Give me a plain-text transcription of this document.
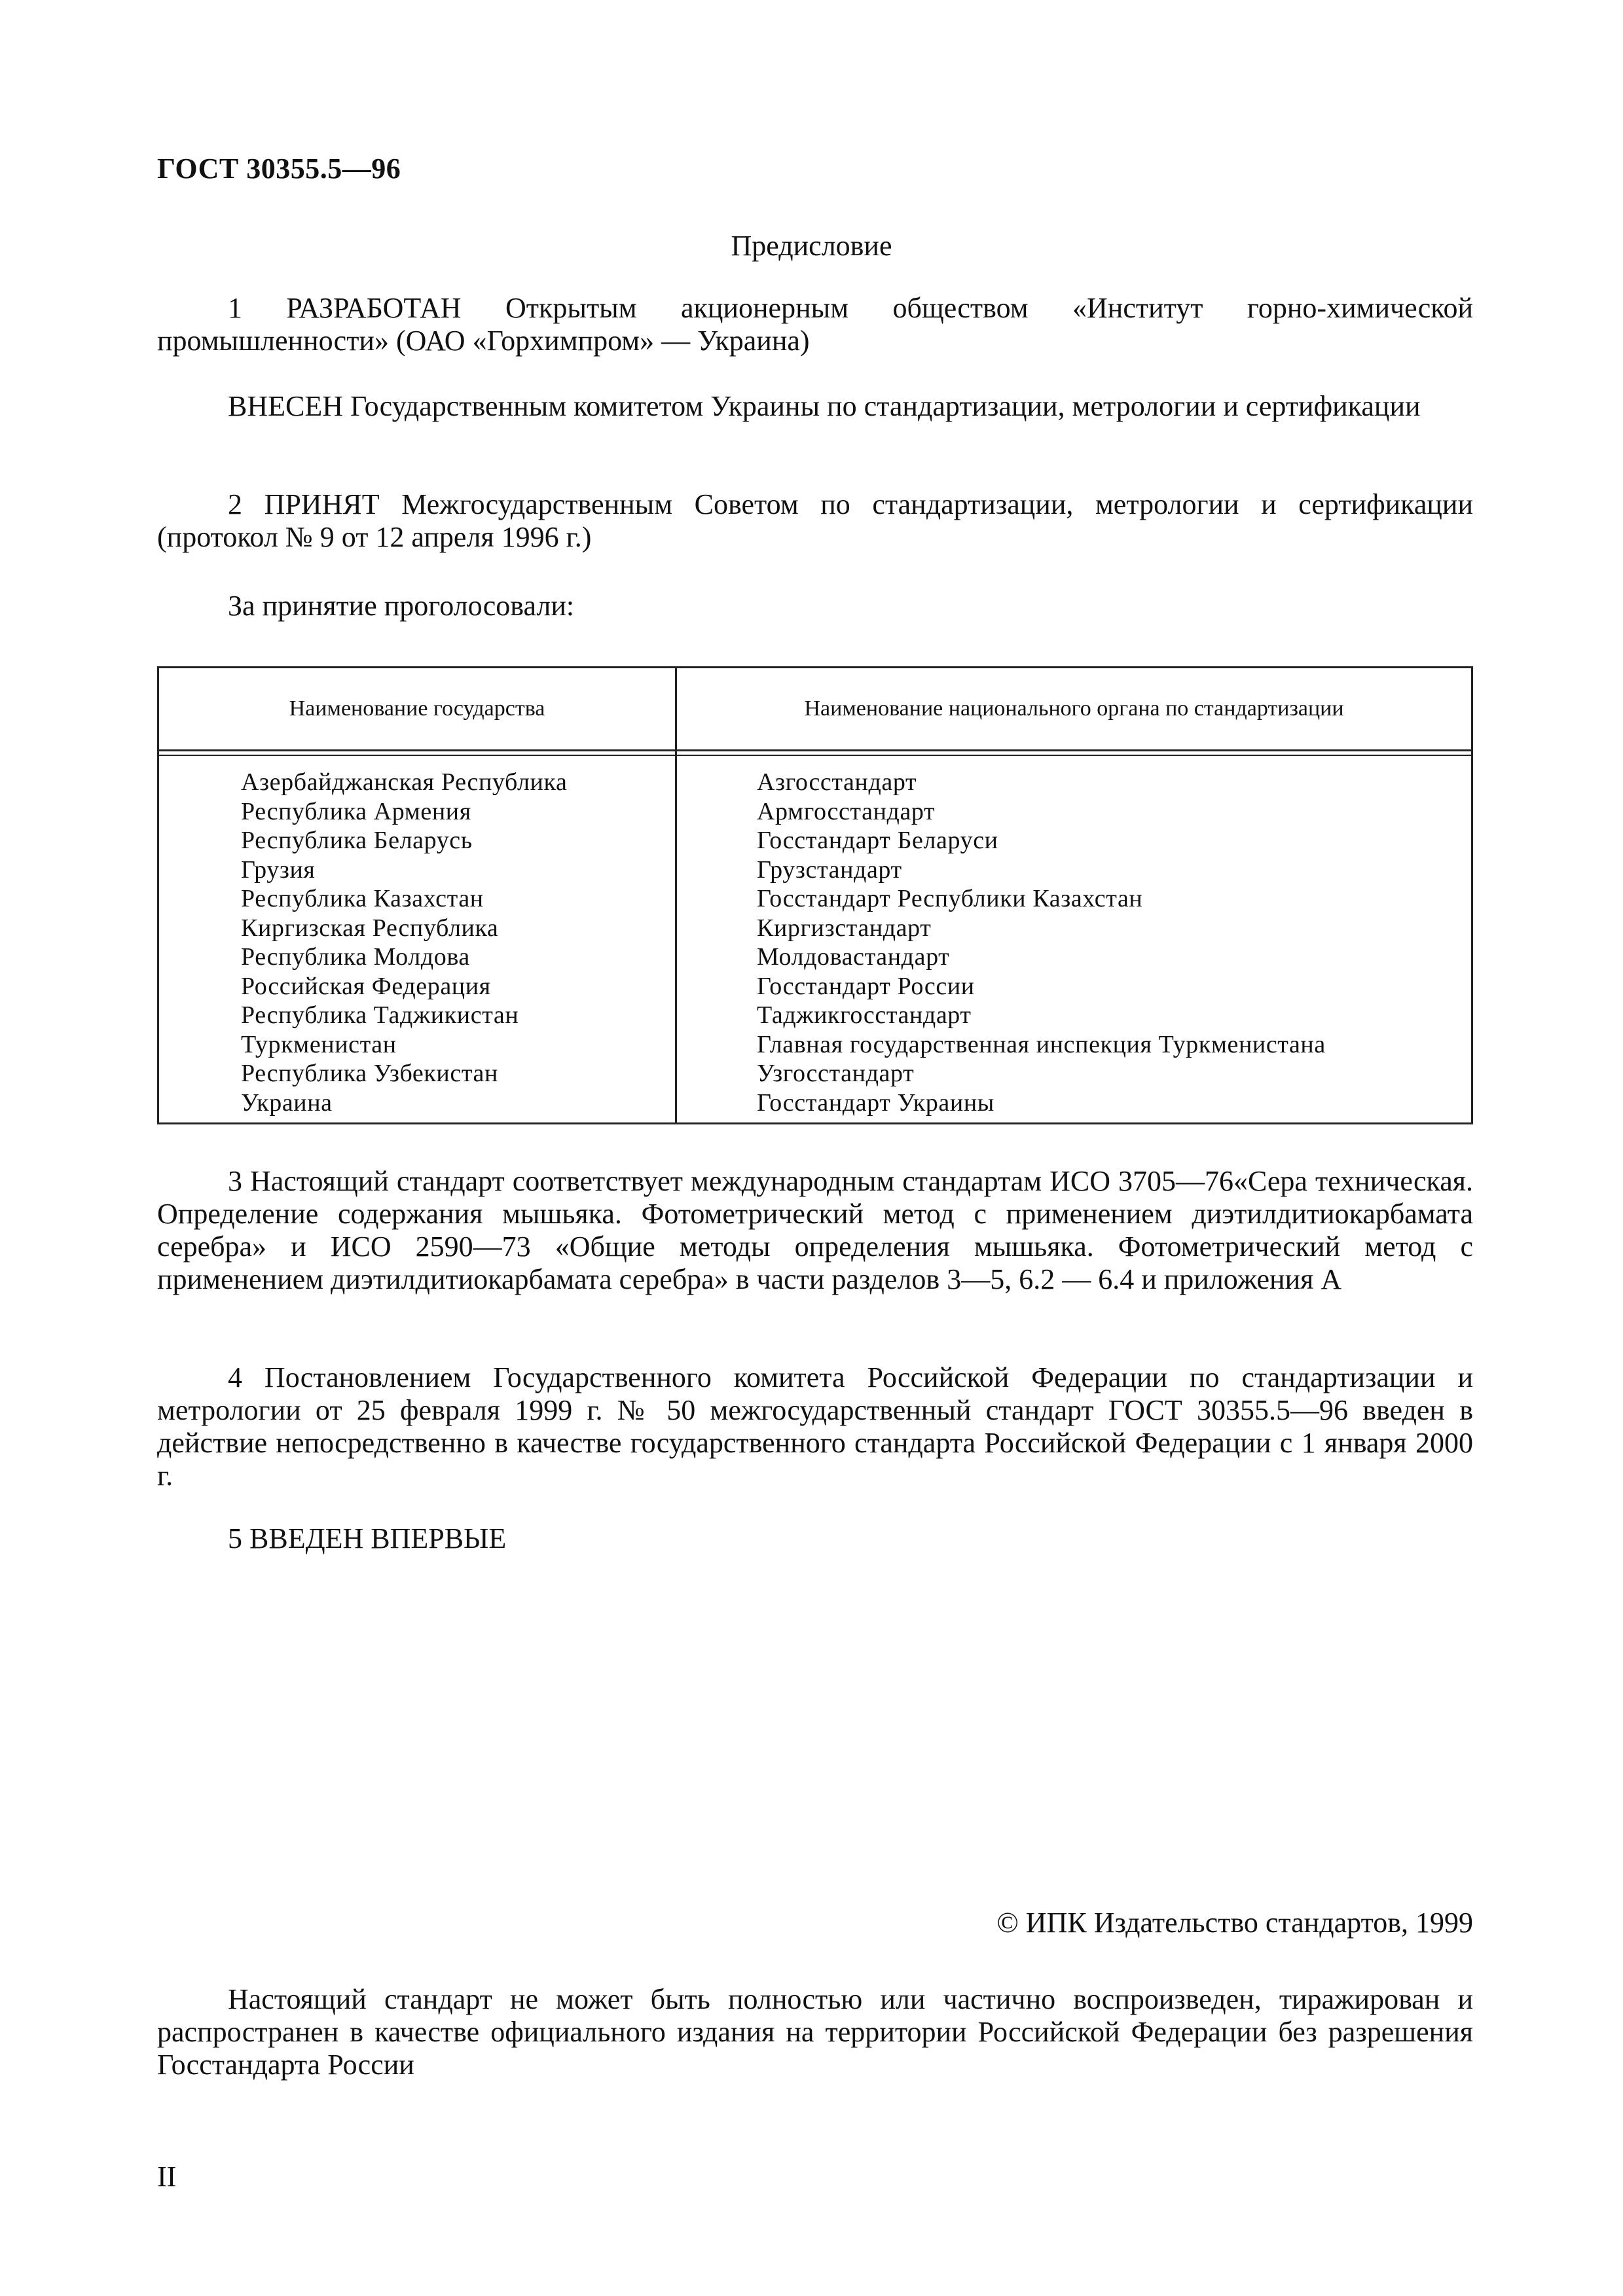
ГОСТ 30355.5—96
Предисловие

1 РАЗРАБОТАН Открытым акционерным обществом «Институт горно-химической промышленности» (ОАО «Горхимпром» — Украина)

ВНЕСЕН Государственным комитетом Украины по стандартизации, метрологии и сертификации

2 ПРИНЯТ Межгосударственным Советом по стандартизации, метрологии и сертификации (протокол № 9 от 12 апреля 1996 г.)

За принятие проголосовали:
Наименование государства	Наименование национального органа по стандартизации
Азербайджанская Республика
Республика Армения
Республика Беларусь
Грузия
Республика Казахстан
Киргизская Республика
Республика Молдова
Российская Федерация
Республика Таджикистан
Туркменистан
Республика Узбекистан
Украина
Азгосстандарт
Армгосстандарт
Госстандарт Беларуси
Грузстандарт
Госстандарт Республики Казахстан
Киргизстандарт
Молдовастандарт
Госстандарт России
Таджикгосстандарт
Главная государственная инспекция Туркменистана
Узгосстандарт
Госстандарт Украины

3 Настоящий стандарт соответствует международным стандартам ИСО 3705—76«Сера техническая. Определение содержания мышьяка. Фотометрический метод с применением диэтилдитиокарбамата серебра» и ИСО 2590—73 «Общие методы определения мышьяка. Фотометрический метод с применением диэтилдитиокарбамата серебра» в части разделов 3—5, 6.2 — 6.4 и приложения А

4 Постановлением Государственного комитета Российской Федерации по стандартизации и метрологии от 25 февраля 1999 г. № 50 межгосударственный стандарт ГОСТ 30355.5—96 введен в действие непосредственно в качестве государственного стандарта Российской Федерации с 1 января 2000 г.

5 ВВЕДЕН ВПЕРВЫЕ

© ИПК Издательство стандартов, 1999

Настоящий стандарт не может быть полностью или частично воспроизведен, тиражирован и распространен в качестве официального издания на территории Российской Федерации без разрешения Госстандарта России

II
